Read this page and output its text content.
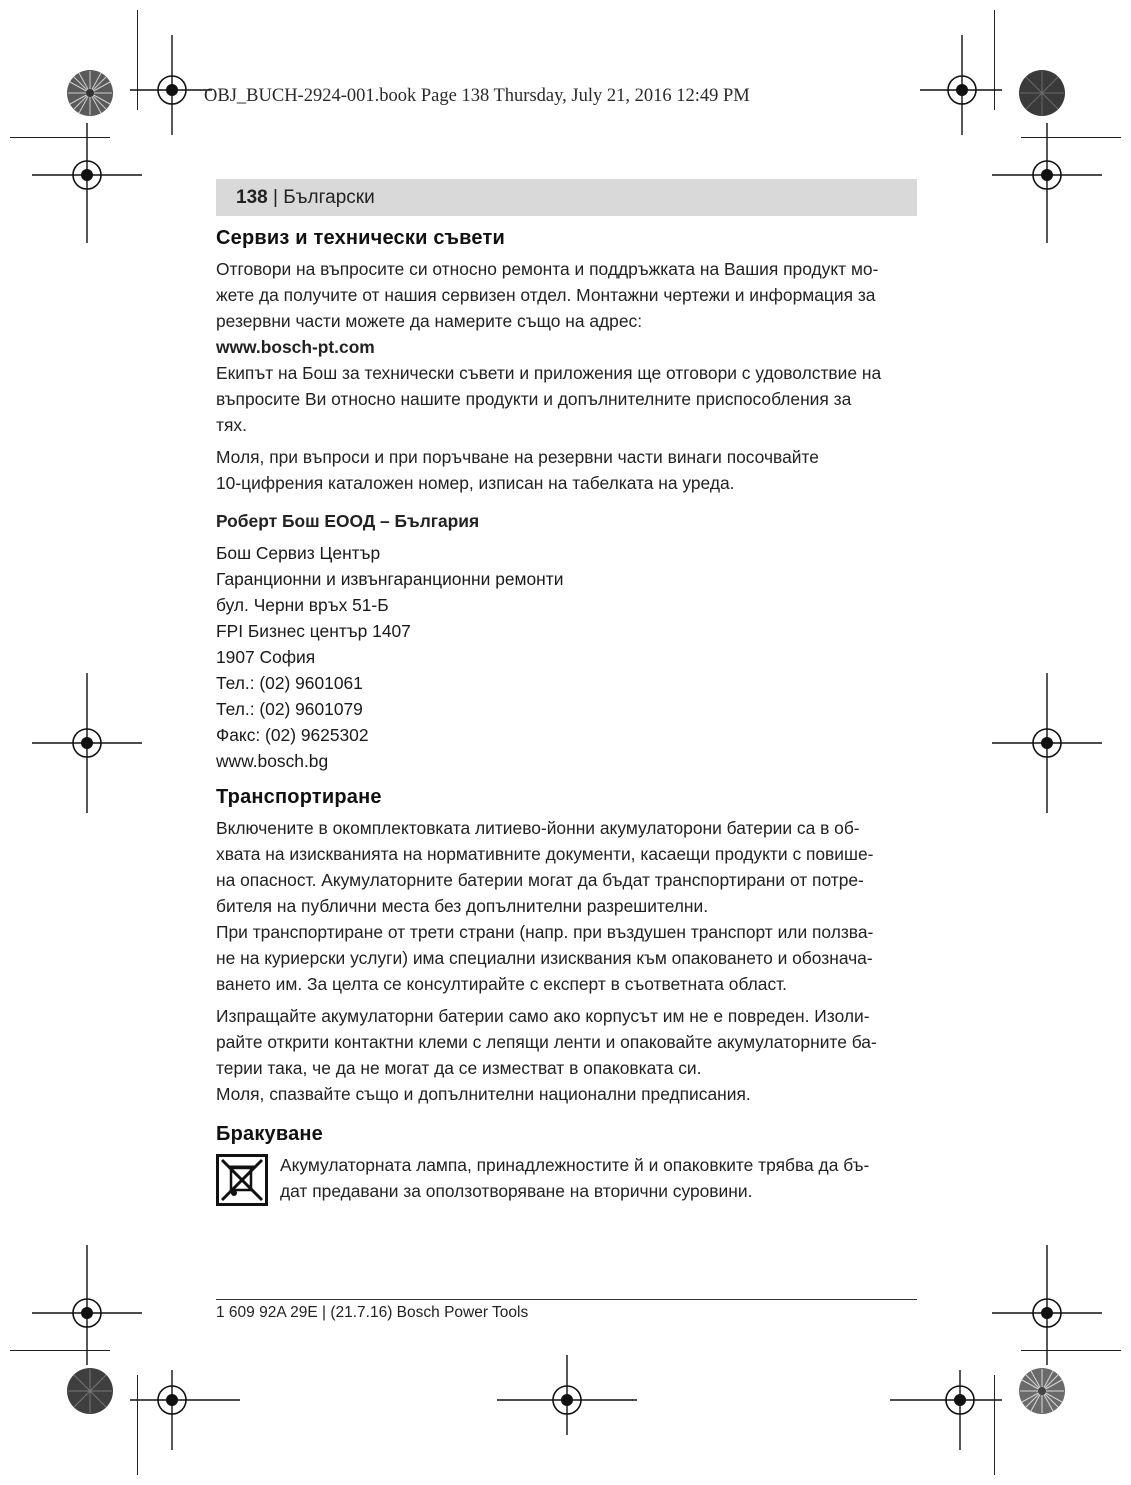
OBJ_BUCH-2924-001.book Page 138 Thursday, July 21, 2016 12:49 PM
138 | Български
Сервиз и технически съвети

Отговори на въпросите си относно ремонта и поддръжката на Вашия продукт мо-
жете да получите от нашия сервизен отдел. Монтажни чертежи и информация за
резервни части можете да намерите също на адрес:
www.bosch-pt.com
Екипът на Бош за технически съвети и приложения ще отговори с удоволствие на
въпросите Ви относно нашите продукти и допълнителните приспособления за
тях.

Моля, при въпроси и при поръчване на резервни части винаги посочвайте
10-цифрения каталожен номер, изписан на табелката на уреда.

Роберт Бош ЕООД – България

Бош Сервиз Център
Гаранционни и извънгаранционни ремонти
бул. Черни връх 51-Б
FPI Бизнес център 1407
1907 София
Тел.: (02) 9601061
Тел.: (02) 9601079
Факс: (02) 9625302
www.bosch.bg
Транспортиране

Включените в окомплектовката литиево-йонни акумулаторони батерии са в об-
хвата на изискванията на нормативните документи, касаещи продукти с повише-
на опасност. Акумулаторните батерии могат да бъдат транспортирани от потре-
бителя на публични места без допълнителни разрешителни.
При транспортиране от трети страни (напр. при въздушен транспорт или ползва-
не на куриерски услуги) има специални изисквания към опаковането и обознача-
ването им. За целта се консултирайте с експерт в съответната област.

Изпращайте акумулаторни батерии само ако корпусът им не е повреден. Изоли-
райте открити контактни клеми с лепящи ленти и опаковайте акумулаторните ба-
терии така, че да не могат да се изместват в опаковката си.
Моля, спазвайте също и допълнителни национални предписания.

Бракуване

Акумулаторната лампа, принадлежностите й и опаковките трябва да бъ-
дат предавани за оползотворяване на вторични суровини.

1 609 92A 29E | (21.7.16) Bosch Power Tools
